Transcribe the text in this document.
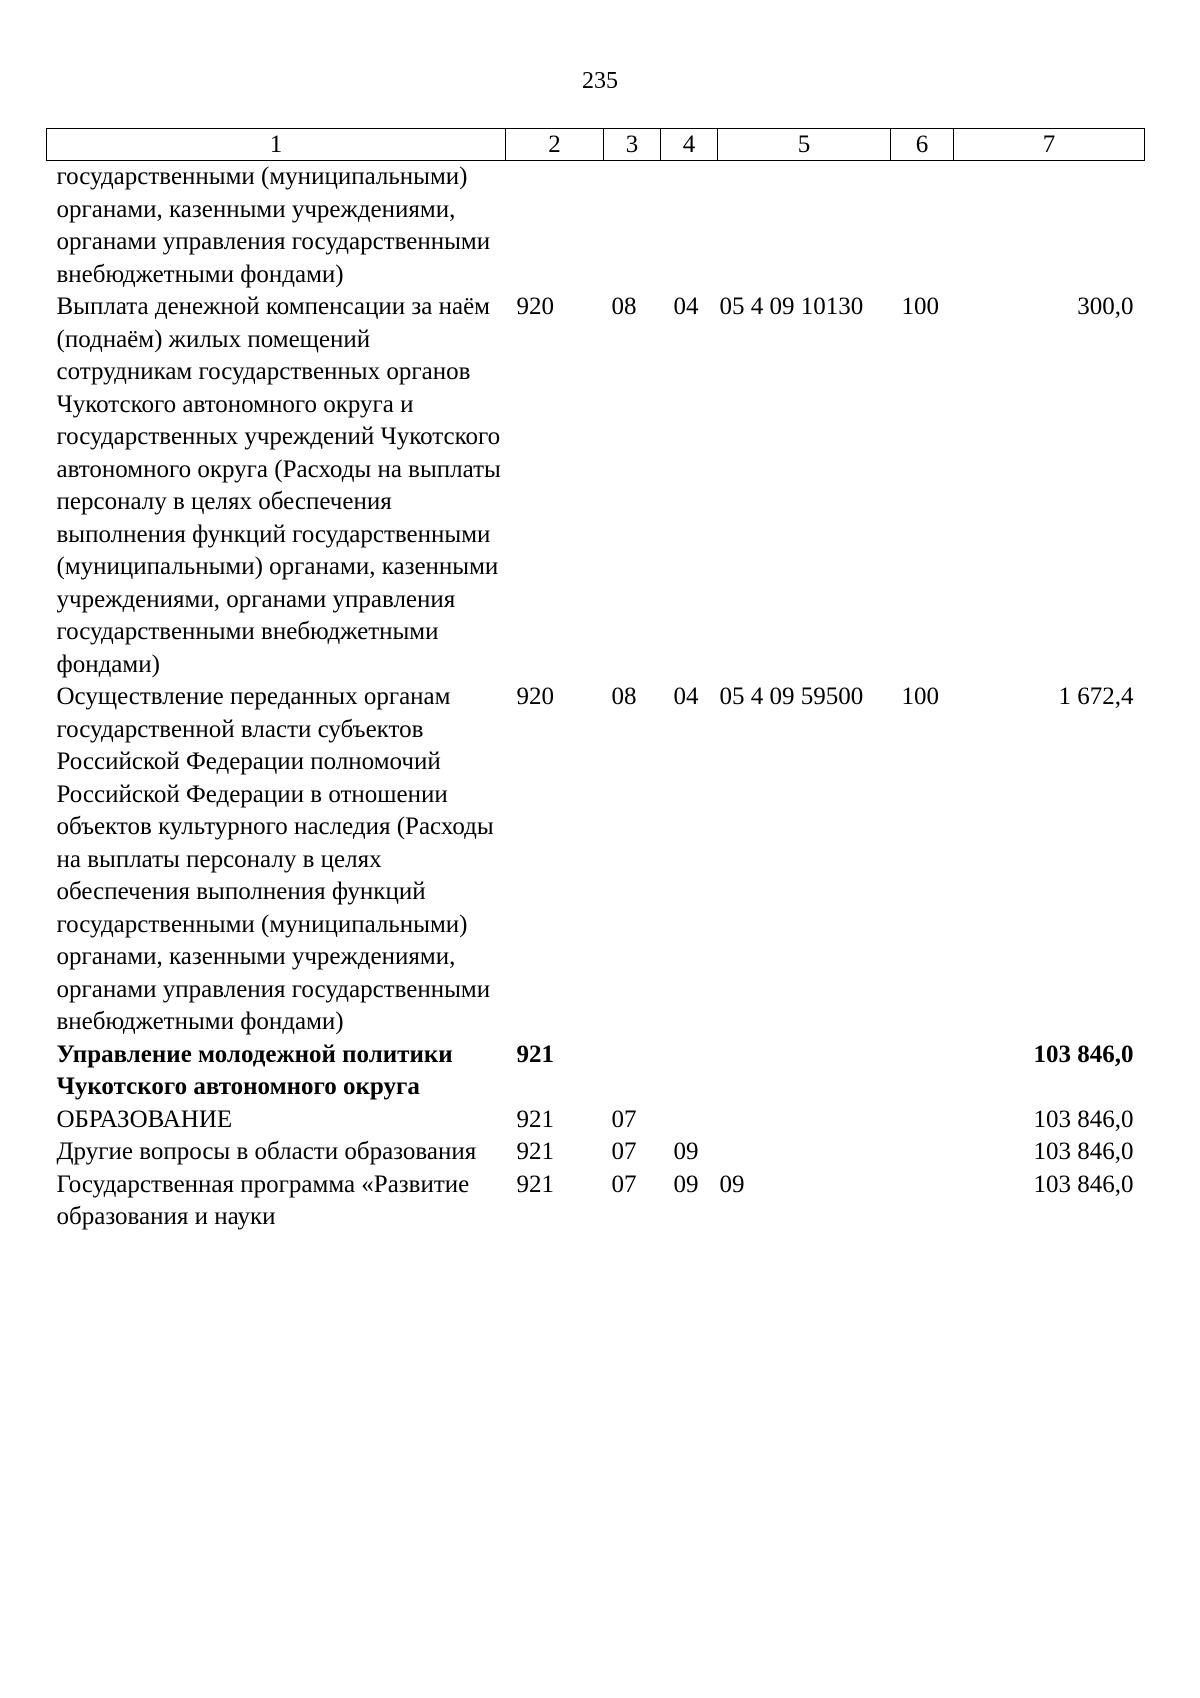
235
1	2	3	4	5	6	7
государственными (муниципальными) органами, казенными учреждениями, органами управления государственными внебюджетными фондами)						
Выплата денежной компенсации за наём (поднаём) жилых помещений сотрудникам государственных органов Чукотского автономного округа и государственных учреждений Чукотского автономного округа (Расходы на выплаты персоналу в целях обеспечения выполнения функций государственными (муниципальными) органами, казенными учреждениями, органами управления государственными внебюджетными фондами)	920	08	04	05 4 09 10130	100	300,0
Осуществление переданных органам государственной власти субъектов Российской Федерации полномочий Российской Федерации в отношении объектов культурного наследия (Расходы на выплаты персоналу в целях обеспечения выполнения функций государственными (муниципальными) органами, казенными учреждениями, органами управления государственными внебюджетными фондами)	920	08	04	05 4 09 59500	100	1 672,4
Управление молодежной политики Чукотского автономного округа	921					103 846,0
ОБРАЗОВАНИЕ	921	07				103 846,0
Другие вопросы в области образования	921	07	09			103 846,0
Государственная программа «Развитие образования и науки	921	07	09	09		103 846,0
